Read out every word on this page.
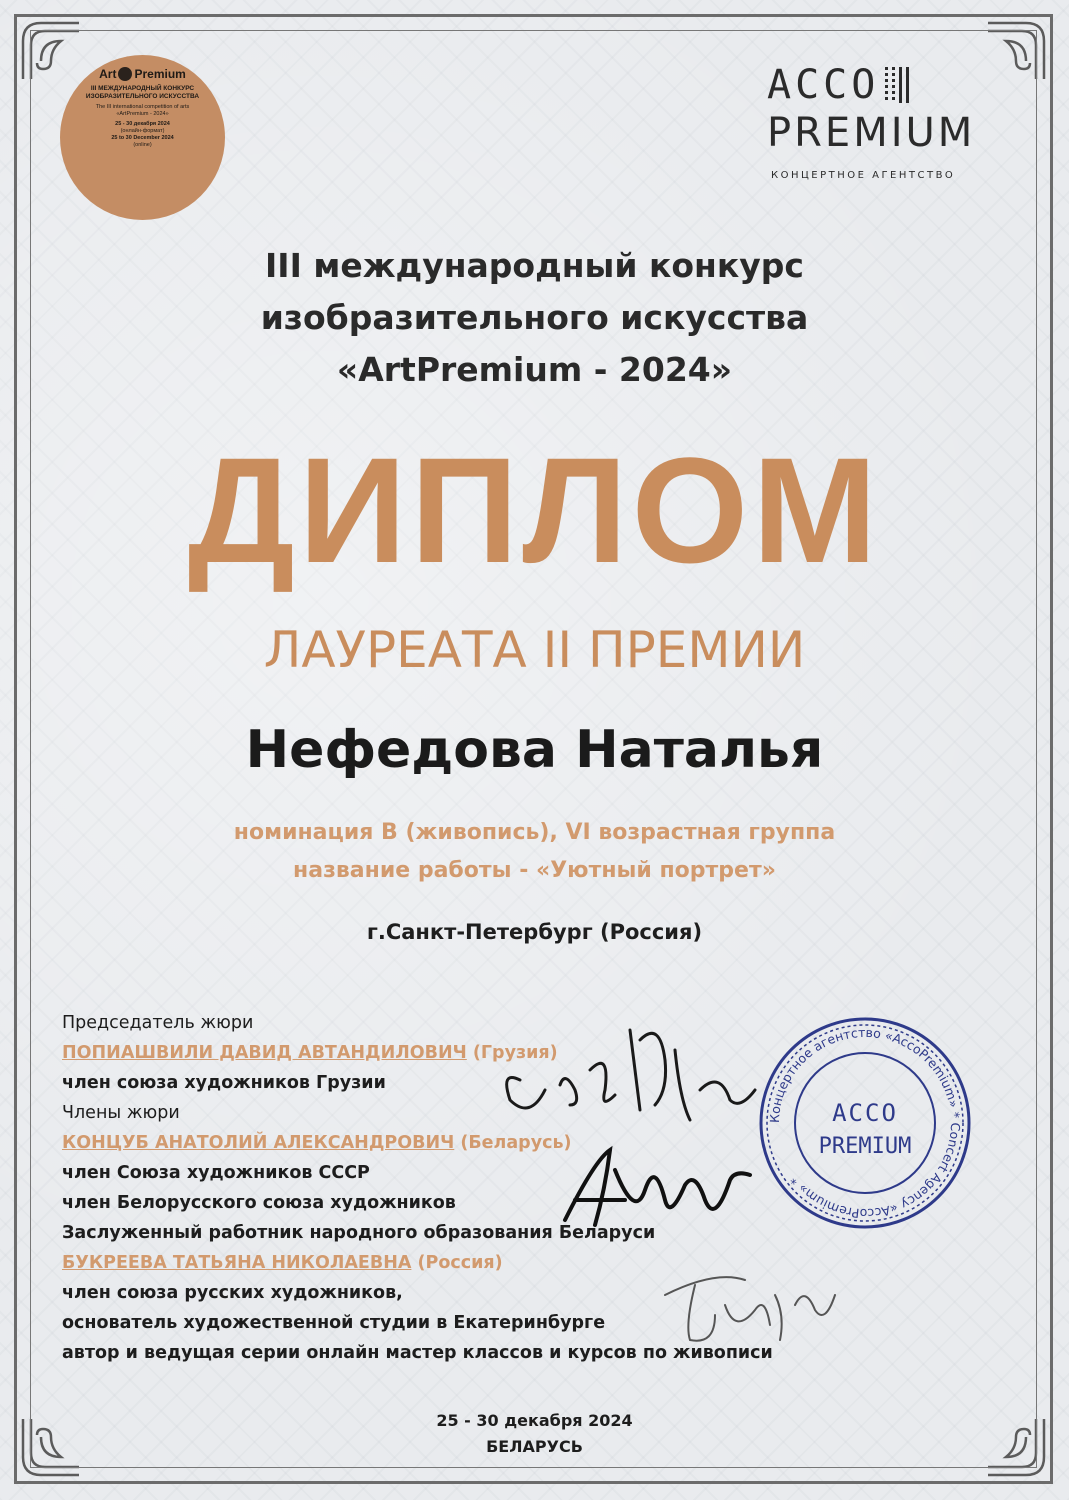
Art Premium
III МЕЖДУНАРОДНЫЙ КОНКУРС
ИЗОБРАЗИТЕЛЬНОГО ИСКУССТВА
The III international competition of arts
«ArtPremium - 2024»
25 - 30 декабря 2024
(онлайн-формат)
25 to 30 December 2024
(online)
ACCO
PREMIUM
КОНЦЕРТНОЕ АГЕНТСТВО
III международный конкурс
изобразительного искусства
«ArtPremium - 2024»
ДИПЛОМ
ЛАУРЕАТА II ПРЕМИИ
Нефедова Наталья
номинация В (живопись), VI возрастная группа
название работы - «Уютный портрет»
г.Санкт-Петербург (Россия)
Председатель жюри
ПОПИАШВИЛИ ДАВИД АВТАНДИЛОВИЧ (Грузия)
член союза художников Грузии
Члены жюри
КОНЦУБ АНАТОЛИЙ АЛЕКСАНДРОВИЧ (Беларусь)
член Союза художников СССР
член Белорусского союза художников
Заслуженный работник народного образования Беларуси
БУКРЕЕВА ТАТЬЯНА НИКОЛАЕВНА (Россия)
член союза русских художников,
основатель художественной студии в Екатеринбурге
автор и ведущая серии онлайн мастер классов и курсов по живописи
Концертное агентство «AccoPremium» * Concert Agency «AccoPremium» *
ACCO
PREMIUM
25 - 30 декабря 2024
БЕЛАРУСЬ
